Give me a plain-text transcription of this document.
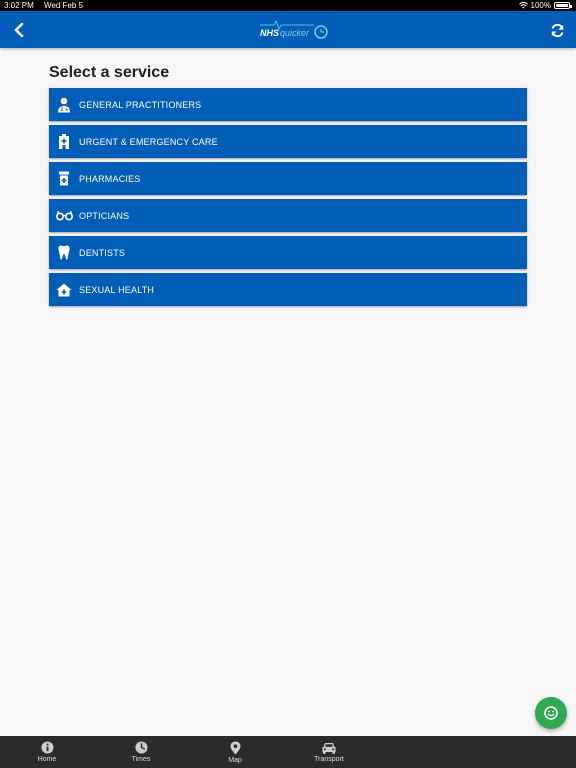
3:02 PM Wed Feb 5	100%
NHS quicker
Select a service
GENERAL PRACTITIONERS
URGENT & EMERGENCY CARE
PHARMACIES
OPTICIANS
DENTISTS
SEXUAL HEALTH
Home	Times	Map	Transport
